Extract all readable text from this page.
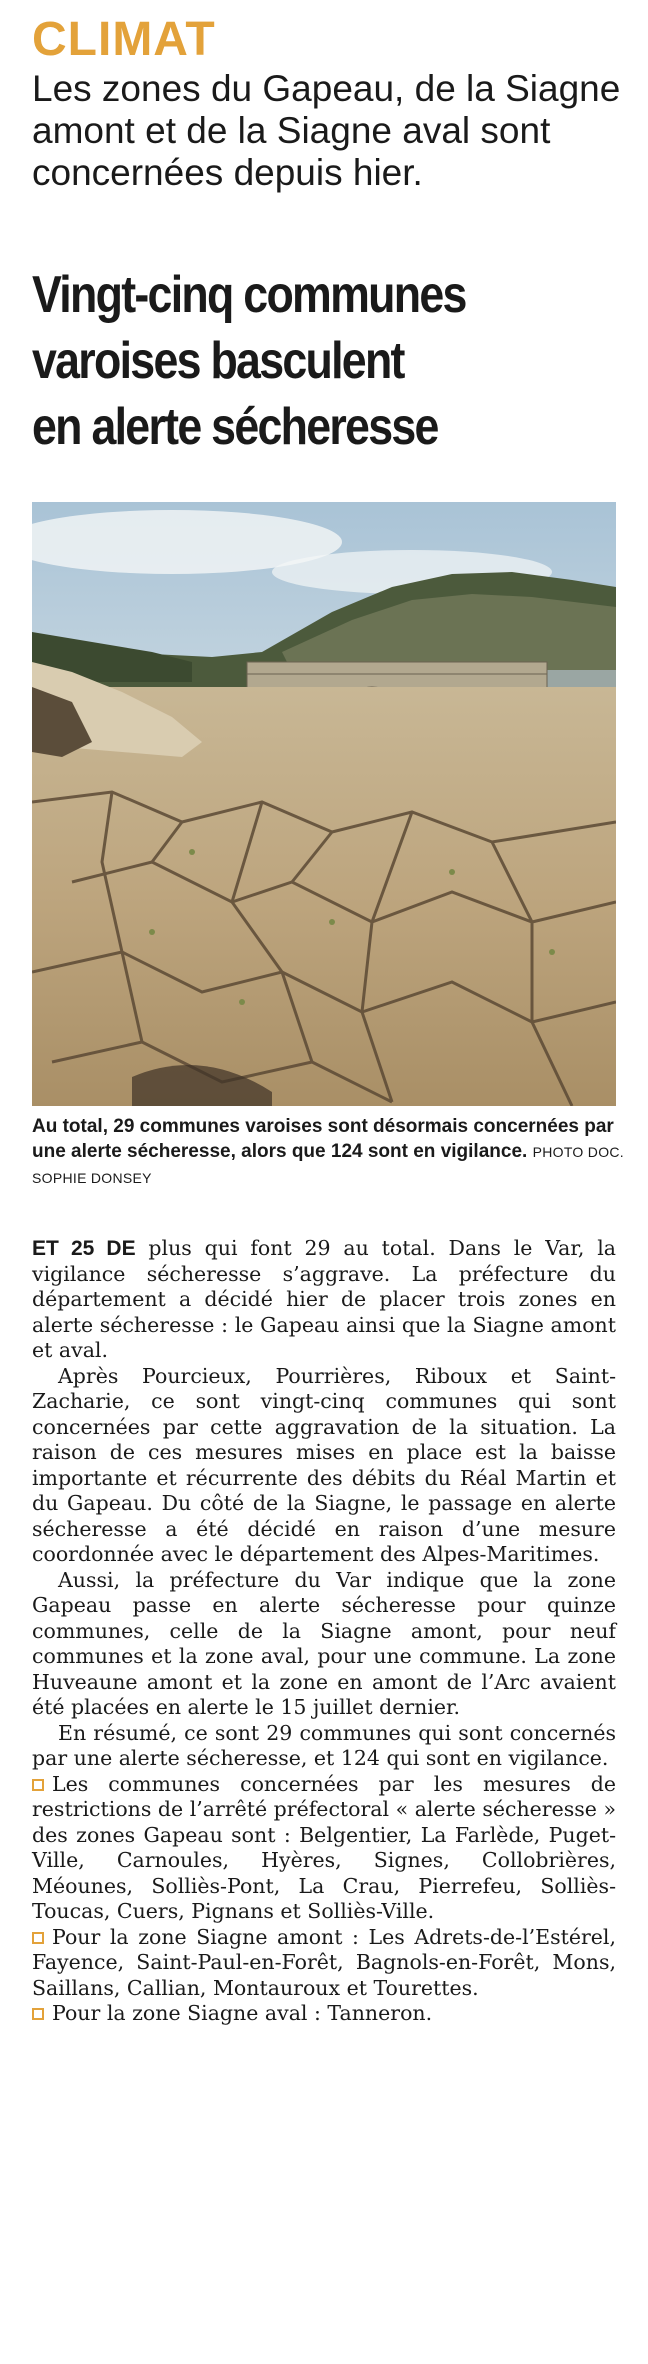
CLIMAT
Les zones du Gapeau, de la Siagne amont et de la Siagne aval sont concernées depuis hier.
Vingt-cinq communes
varoises basculent
en alerte sécheresse
Au total, 29 communes varoises sont désormais concernées par une alerte sécheresse, alors que 124 sont en vigilance. PHOTO DOC. SOPHIE DONSEY

ET 25 DE plus qui font 29 au total. Dans le Var, la vigilance sécheresse s’aggrave. La préfecture du département a décidé hier de placer trois zones en alerte sécheresse : le Gapeau ainsi que la Siagne amont et aval.

Après Pourcieux, Pourrières, Riboux et Saint-Zacharie, ce sont vingt-cinq communes qui sont concernées par cette aggravation de la situation. La raison de ces mesures mises en place est la baisse importante et récurrente des débits du Réal Martin et du Gapeau. Du côté de la Siagne, le passage en alerte sécheresse a été décidé en raison d’une mesure coordonnée avec le département des Alpes-Maritimes.

Aussi, la préfecture du Var indique que la zone Gapeau passe en alerte sécheresse pour quinze communes, celle de la Siagne amont, pour neuf communes et la zone aval, pour une commune. La zone Huveaune amont et la zone en amont de l’Arc avaient été placées en alerte le 15 juillet dernier.

En résumé, ce sont 29 communes qui sont concernés par une alerte sécheresse, et 124 qui sont en vigilance.

Les communes concernées par les mesures de restrictions de l’arrêté préfectoral « alerte sécheresse » des zones Gapeau sont : Belgentier, La Farlède, Puget-Ville, Carnoules, Hyères, Signes, Collobrières, Méounes, Solliès-Pont, La Crau, Pierrefeu, Solliès-Toucas, Cuers, Pignans et Solliès-Ville.

Pour la zone Siagne amont : Les Adrets-de-l’Estérel, Fayence, Saint-Paul-en-Forêt, Bagnols-en-Forêt, Mons, Saillans, Callian, Montauroux et Tourettes.

Pour la zone Siagne aval : Tanneron.
